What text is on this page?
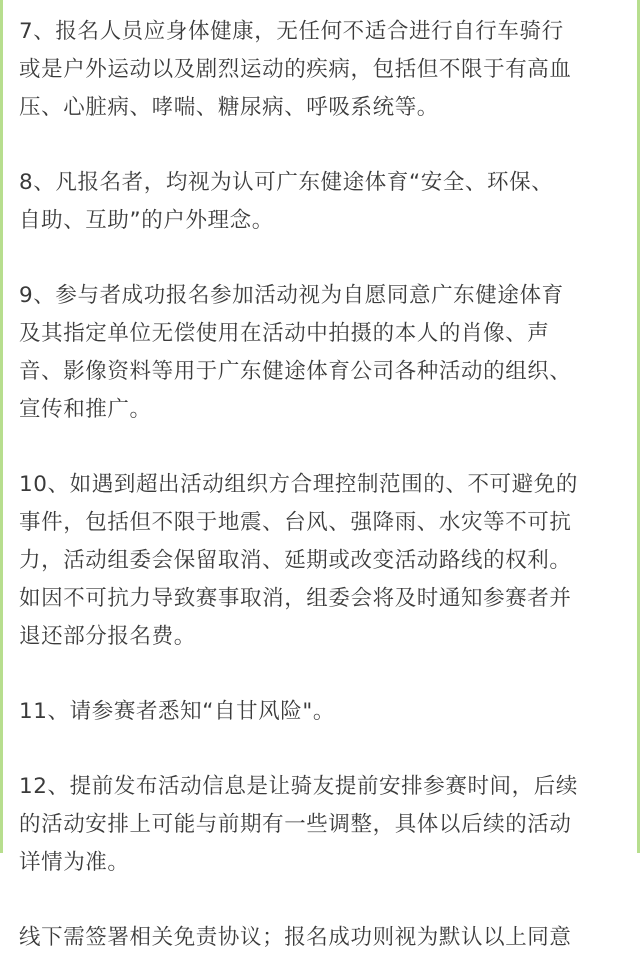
7、报名人员应身体健康，无任何不适合进行自行车骑行
或是户外运动以及剧烈运动的疾病，包括但不限于有高血
压、心脏病、哮喘、糖尿病、呼吸系统等。

8、凡报名者，均视为认可广东健途体育“安全、环保、
自助、互助”的户外理念。

9、参与者成功报名参加活动视为自愿同意广东健途体育
及其指定单位无偿使用在活动中拍摄的本人的肖像、声
音、影像资料等用于广东健途体育公司各种活动的组织、
宣传和推广。

10、如遇到超出活动组织方合理控制范围的、不可避免的
事件，包括但不限于地震、台风、强降雨、水灾等不可抗
力，活动组委会保留取消、延期或改变活动路线的权利。
如因不可抗力导致赛事取消，组委会将及时通知参赛者并
退还部分报名费。

11、请参赛者悉知“自甘风险"。

12、提前发布活动信息是让骑友提前安排参赛时间，后续
的活动安排上可能与前期有一些调整，具体以后续的活动
详情为准。

线下需签署相关免责协议；报名成功则视为默认以上同意
